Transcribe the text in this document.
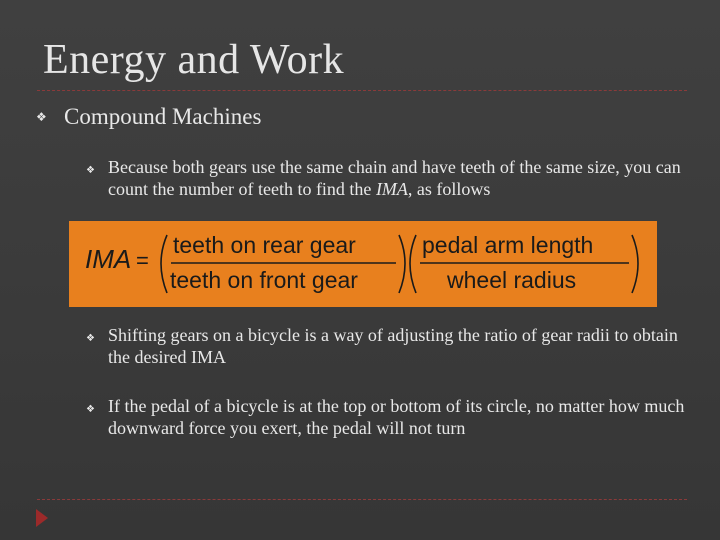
Energy and Work
❖ Compound Machines
❖ Because both gears use the same chain and have teeth of the same size, you can count the number of teeth to find the IMA, as follows
IMA =
teeth on rear gear
teeth on front gear
pedal arm length
wheel radius
❖ Shifting gears on a bicycle is a way of adjusting the ratio of gear radii to obtain the desired IMA
❖ If the pedal of a bicycle is at the top or bottom of its circle, no matter how much downward force you exert, the pedal will not turn
